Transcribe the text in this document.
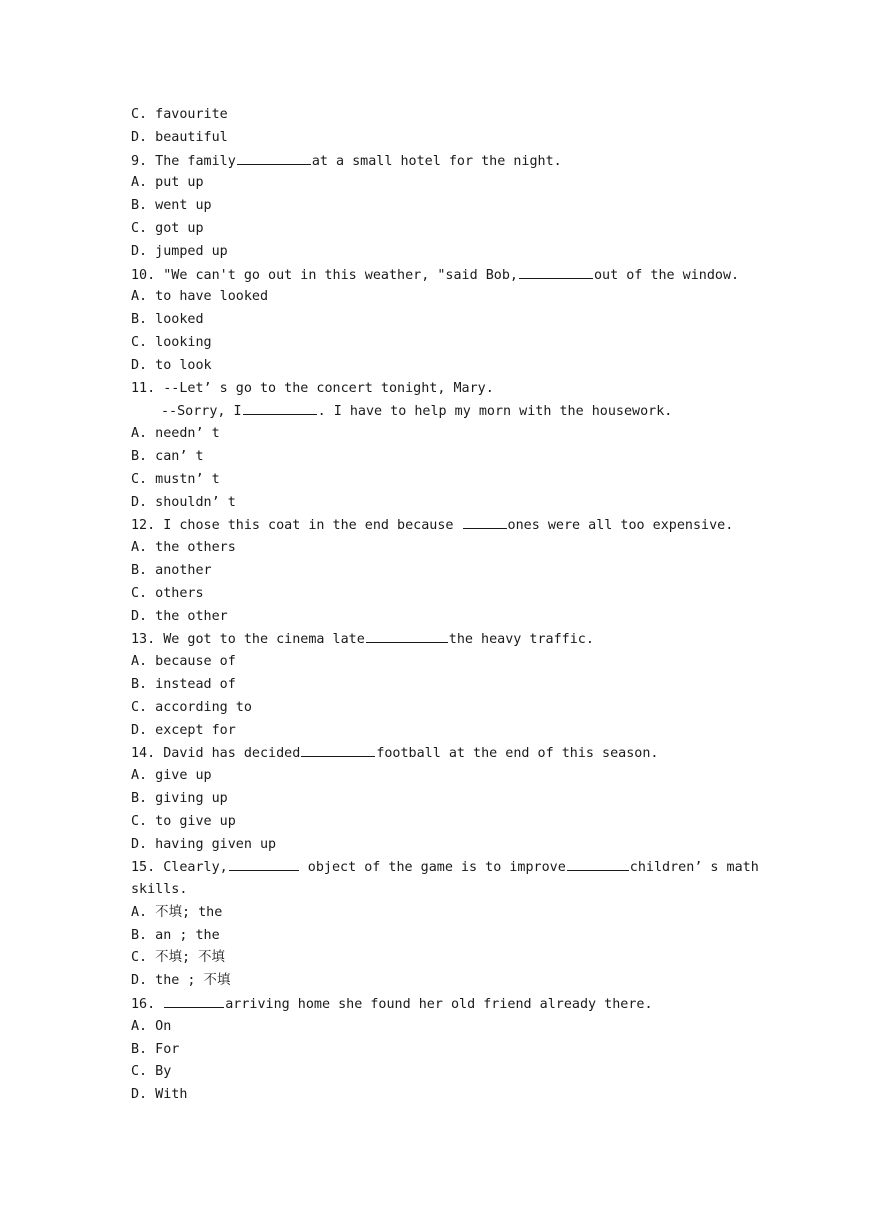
C. favourite
D. beautiful
9. The family	at a small hotel for the night.
A. put up
B. went up
C. got up
D. jumped up
10. "We can't go out in this weather, "said Bob,	out of the window.
A. to have looked
B. looked
C. looking
D. to look
11. --Let’ s go to the concert tonight, Mary.
--Sorry, I	. I have to help my morn with the housework.
A. needn’ t
B. can’ t
C. mustn’ t
D. shouldn’ t
12. I chose this coat in the end because	ones were all too expensive.
A. the others
B. another
C. others
D. the other
13. We got to the cinema late	the heavy traffic.
A. because of
B. instead of
C. according to
D. except for
14. David has decided	football at the end of this season.
A. give up
B. giving up
C. to give up
D. having given up
15. Clearly,	object of the game is to improve	children’ s math
skills.
A. 不填; the
B. an ; the
C. 不填; 不填
D. the ; 不填
16.	arriving home she found her old friend already there.
A. On
B. For
C. By
D. With
